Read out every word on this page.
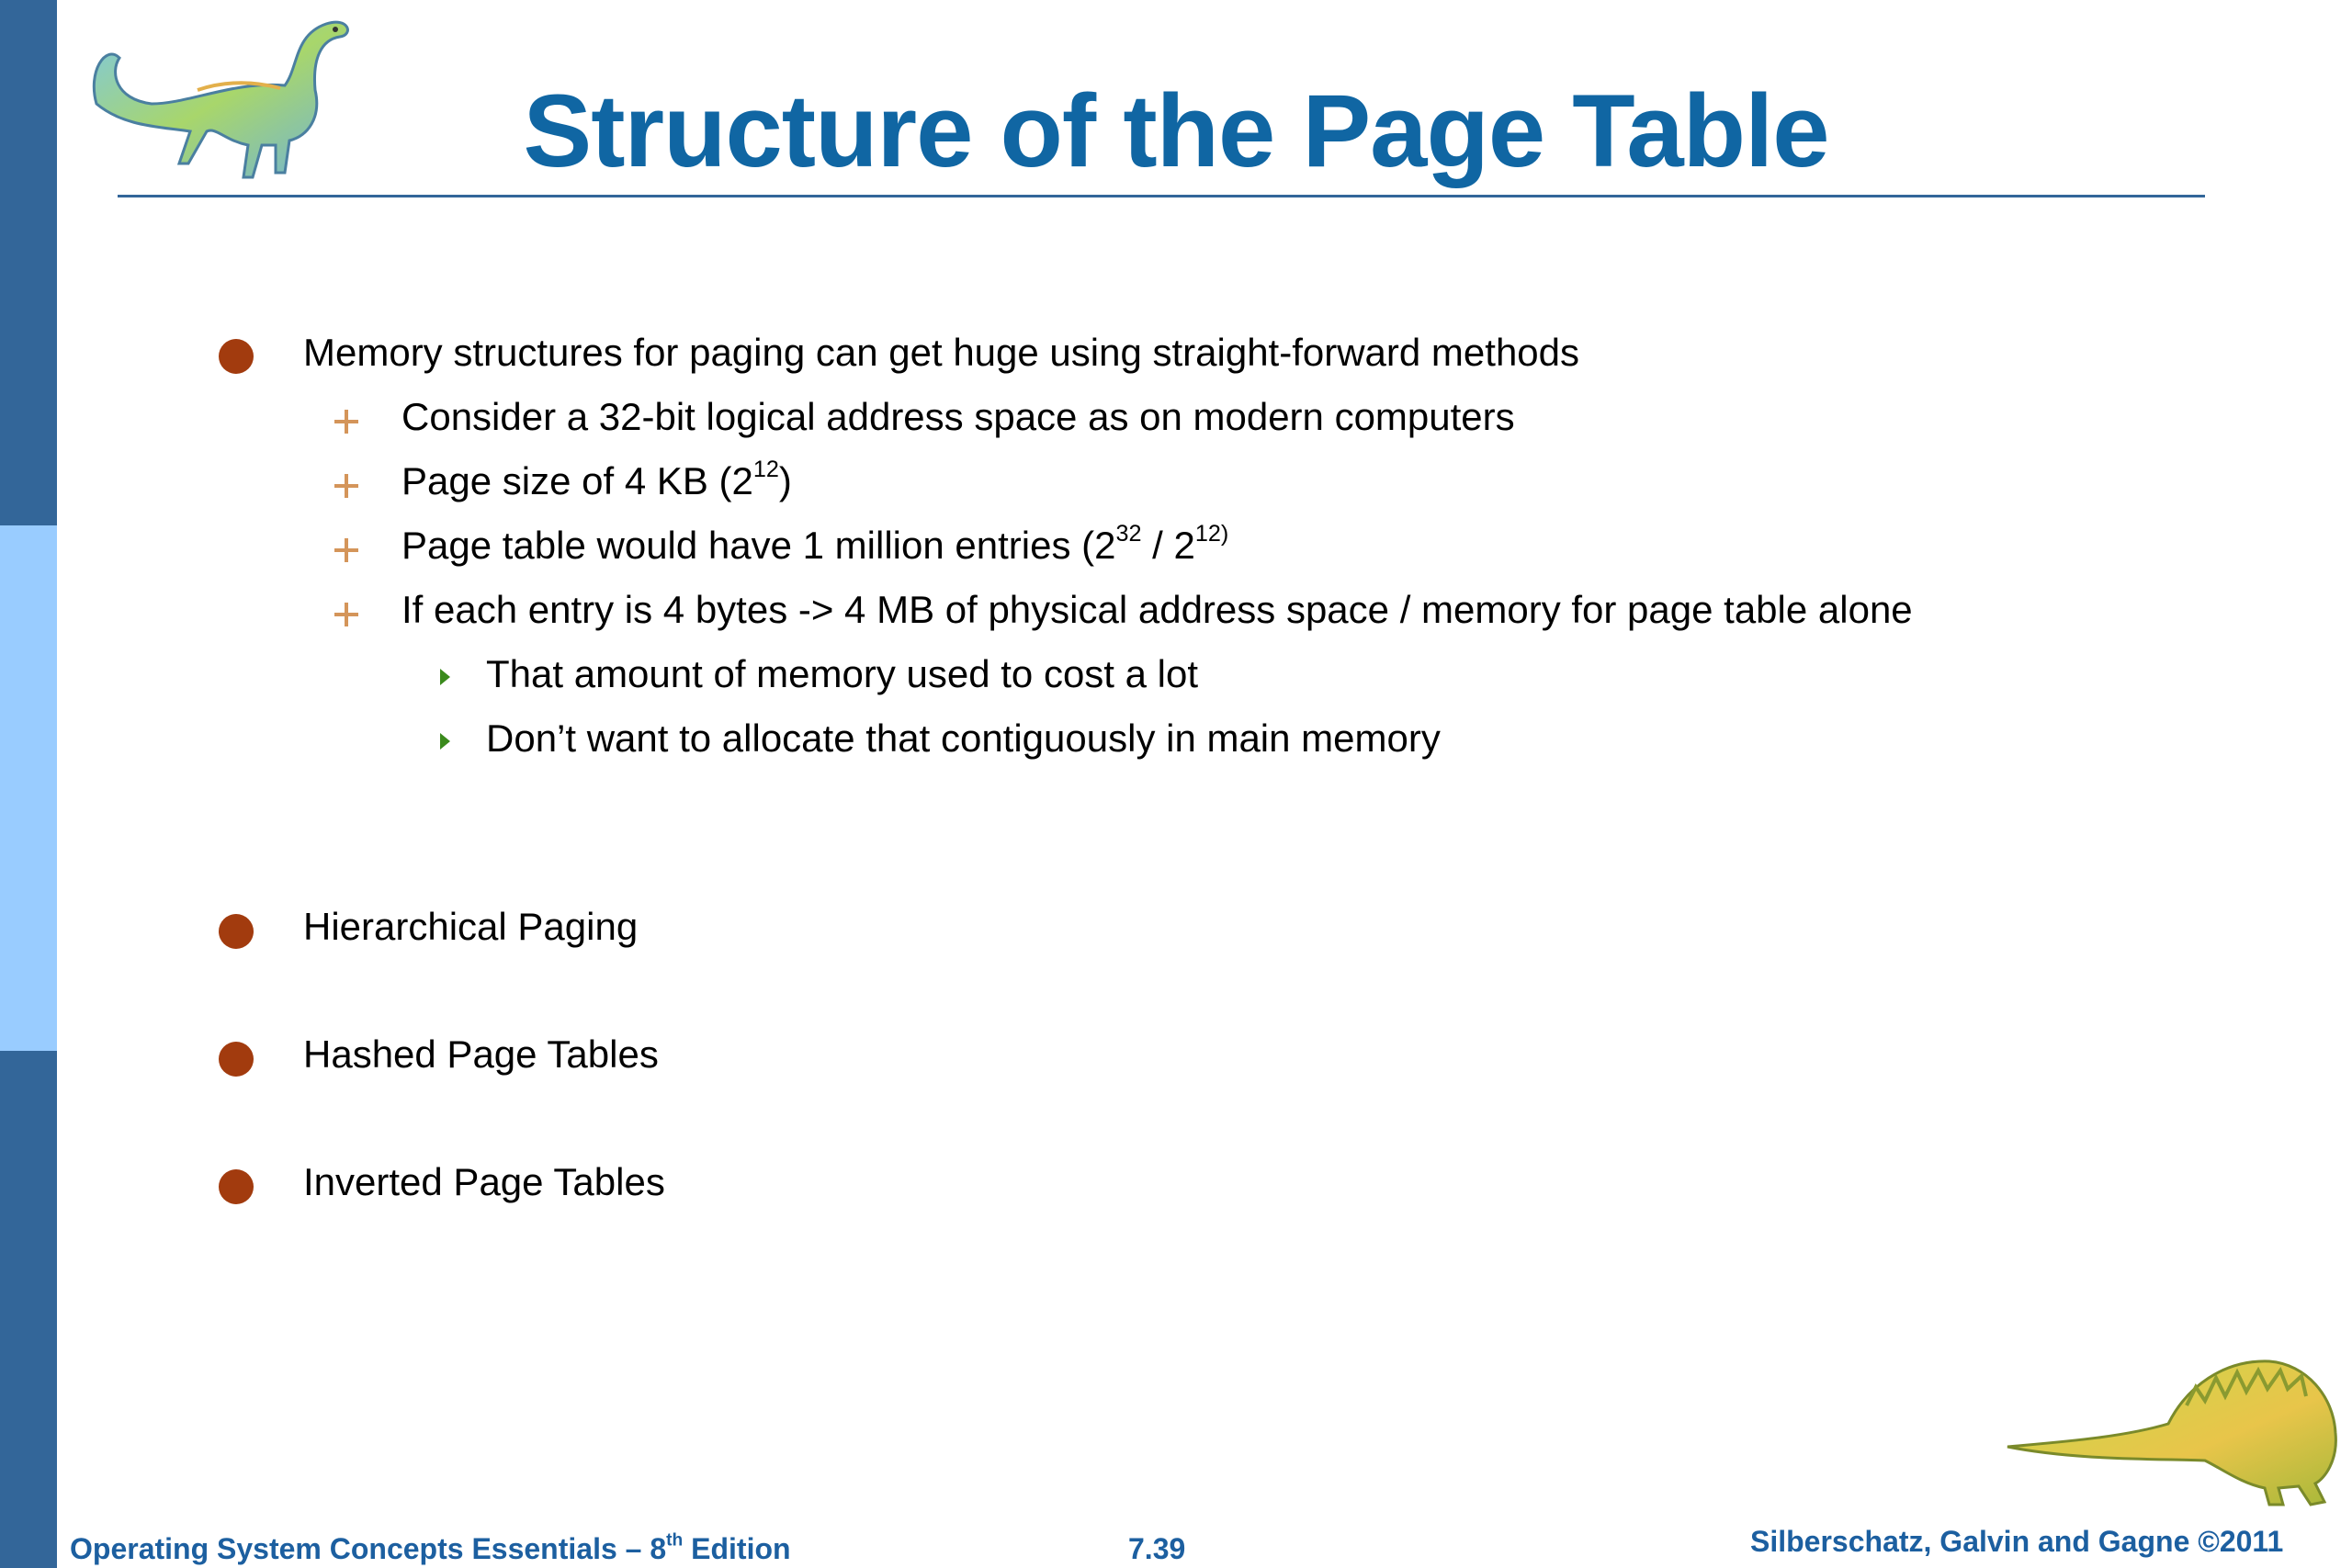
Structure of the Page Table
Memory structures for paging can get huge using straight-forward methods
Consider a 32-bit logical address space as on modern computers
Page size of 4 KB $(2^{12})$
Page table would have 1 million entries ($2^{32} / 2^{12)}$
If each entry is 4 bytes -> 4 MB of physical address space / memory for page table alone
That amount of memory used to cost a lot
Don’t want to allocate that contiguously in main memory
Hierarchical Paging
Hashed Page Tables
Inverted Page Tables
Operating System Concepts Essentials – 8th Edition	7.39	Silberschatz, Galvin and Gagne ©2011
